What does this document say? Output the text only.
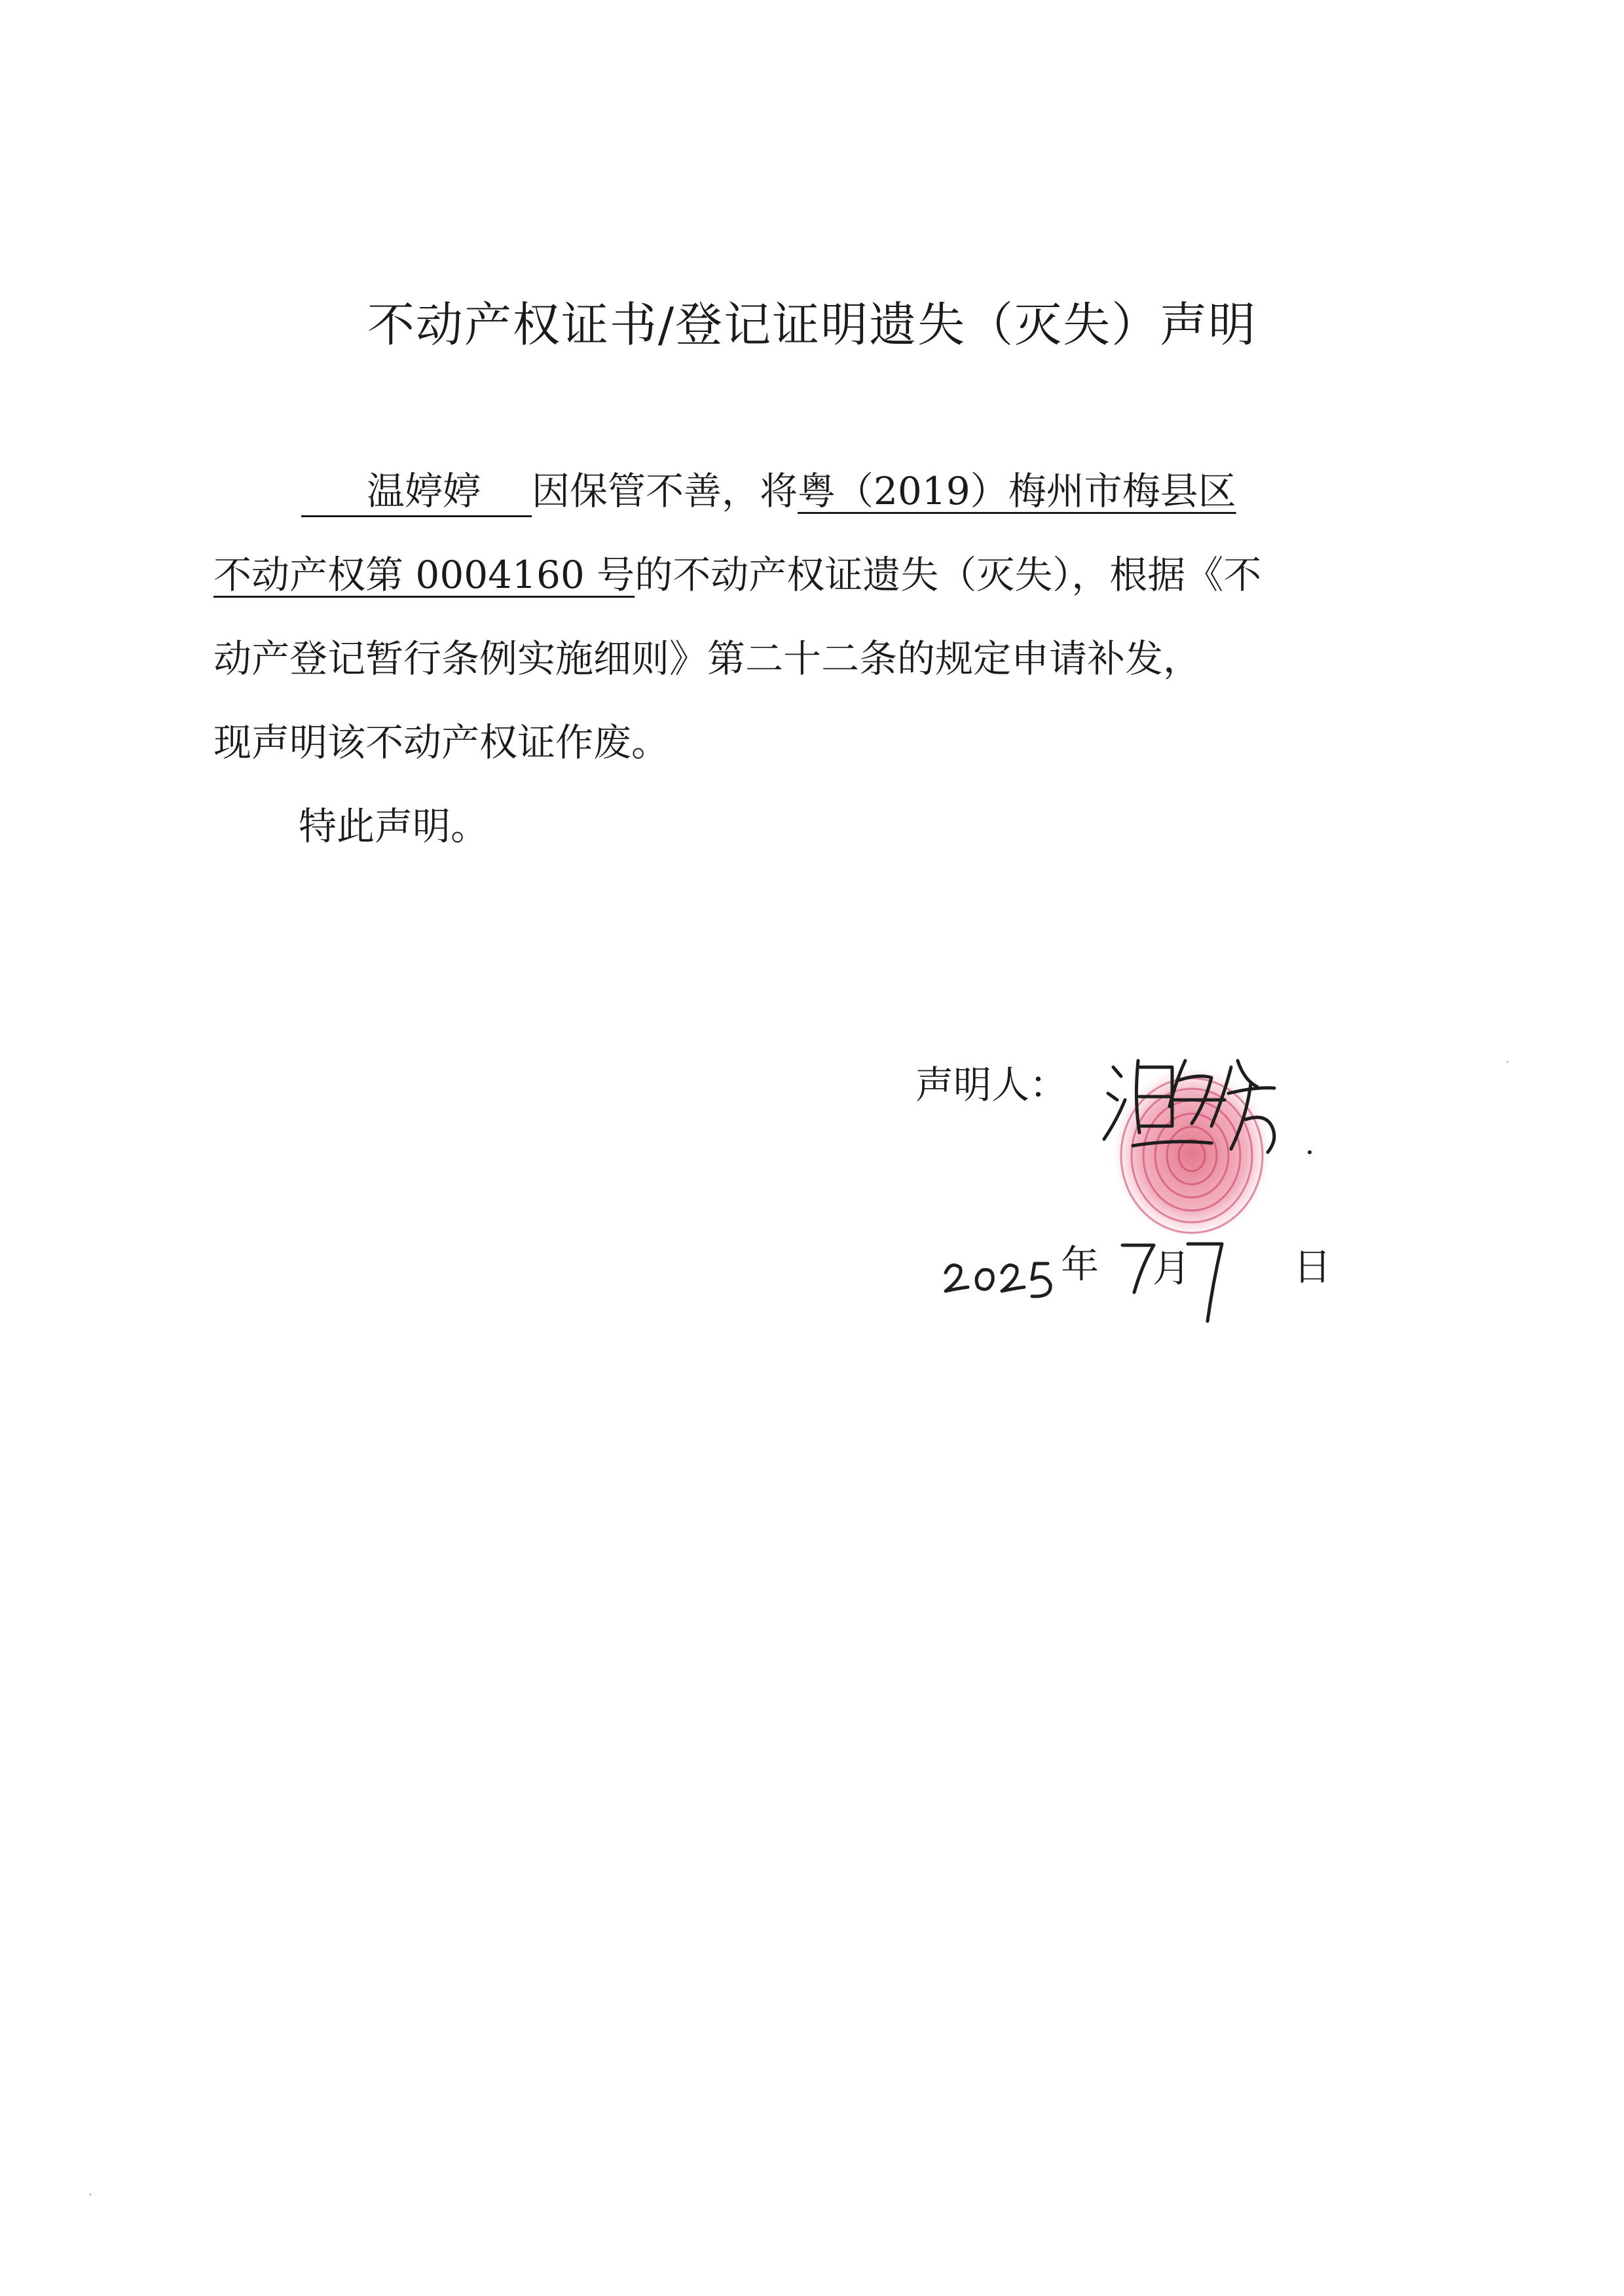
不动产权证书/登记证明遗失（灭失）声明
温婷婷 因保管不善，将粤（2019）梅州市梅县区
不动产权第 0004160 号的不动产权证遗失（灭失），根据《不
动产登记暂行条例实施细则》第二十二条的规定申请补发，
现声明该不动产权证作废。
特此声明。
声明人：
年 月	日
